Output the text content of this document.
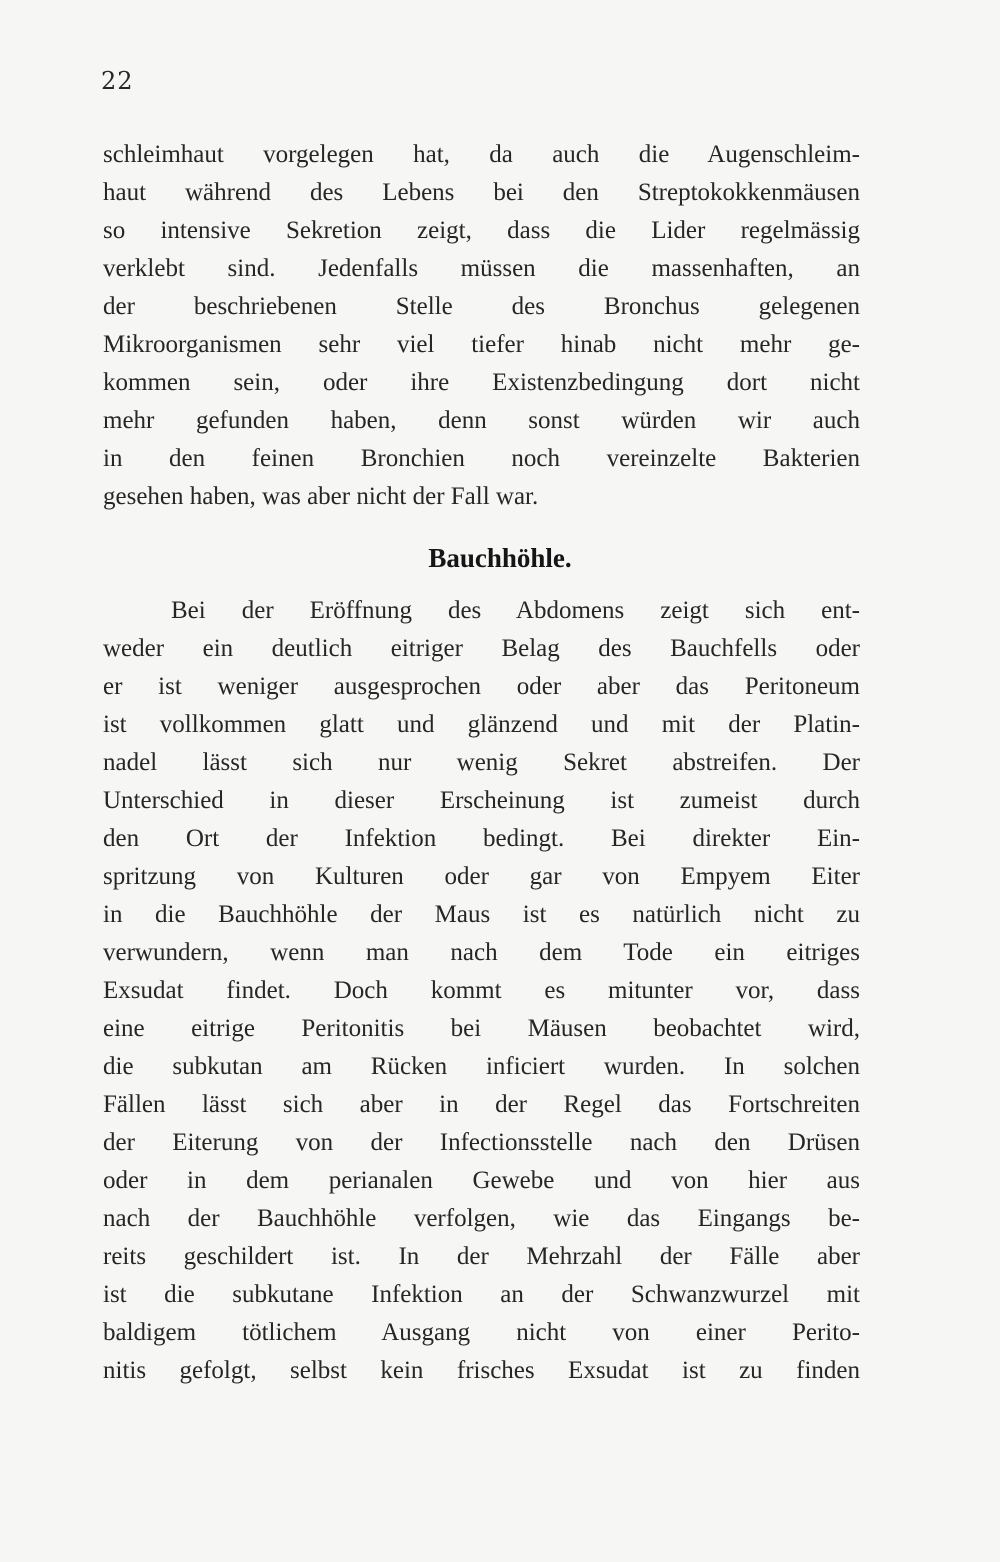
22
schleimhaut vorgelegen hat, da auch die Augenschleim-
haut während des Lebens bei den Streptokokkenmäusen
so intensive Sekretion zeigt, dass die Lider regelmässig
verklebt sind. Jedenfalls müssen die massenhaften, an
der beschriebenen Stelle des Bronchus gelegenen
Mikroorganismen sehr viel tiefer hinab nicht mehr ge-
kommen sein, oder ihre Existenzbedingung dort nicht
mehr gefunden haben, denn sonst würden wir auch
in den feinen Bronchien noch vereinzelte Bakterien
gesehen haben, was aber nicht der Fall war.
Bauchhöhle.
Bei der Eröffnung des Abdomens zeigt sich ent-
weder ein deutlich eitriger Belag des Bauchfells oder
er ist weniger ausgesprochen oder aber das Peritoneum
ist vollkommen glatt und glänzend und mit der Platin-
nadel lässt sich nur wenig Sekret abstreifen. Der
Unterschied in dieser Erscheinung ist zumeist durch
den Ort der Infektion bedingt. Bei direkter Ein-
spritzung von Kulturen oder gar von Empyem Eiter
in die Bauchhöhle der Maus ist es natürlich nicht zu
verwundern, wenn man nach dem Tode ein eitriges
Exsudat findet. Doch kommt es mitunter vor, dass
eine eitrige Peritonitis bei Mäusen beobachtet wird,
die subkutan am Rücken inficiert wurden. In solchen
Fällen lässt sich aber in der Regel das Fortschreiten
der Eiterung von der Infectionsstelle nach den Drüsen
oder in dem perianalen Gewebe und von hier aus
nach der Bauchhöhle verfolgen, wie das Eingangs be-
reits geschildert ist. In der Mehrzahl der Fälle aber
ist die subkutane Infektion an der Schwanzwurzel mit
baldigem tötlichem Ausgang nicht von einer Perito-
nitis gefolgt, selbst kein frisches Exsudat ist zu finden
